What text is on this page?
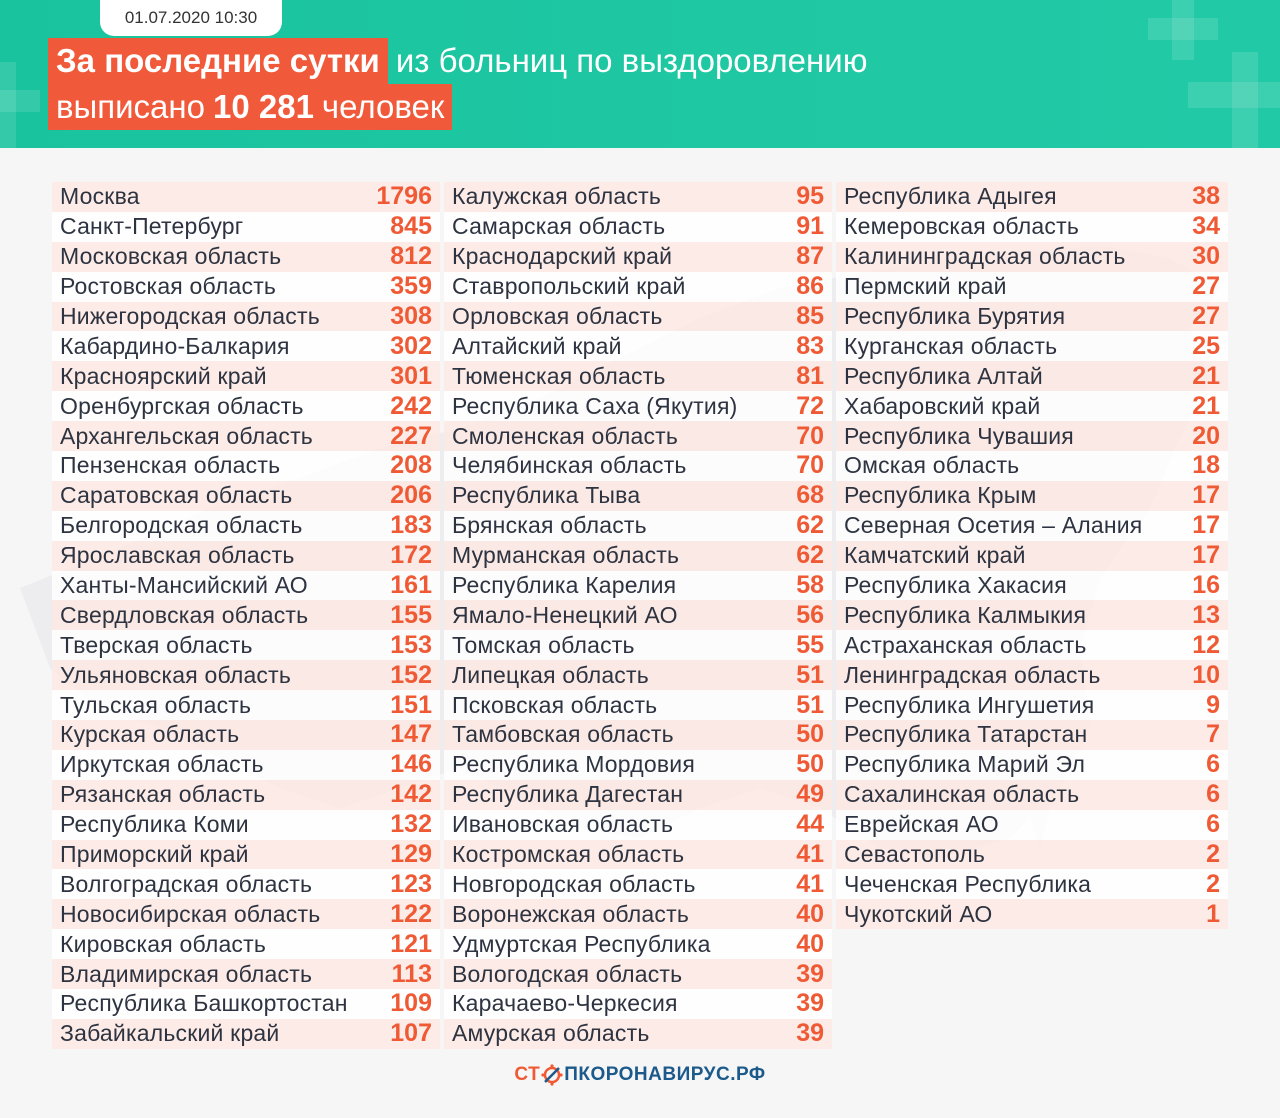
01.07.2020 10:30
За последние сутки из больниц по выздоровлению
выписано 10 281 человек
Москва	1796
Санкт-Петербург	845
Московская область	812
Ростовская область	359
Нижегородская область	308
Кабардино-Балкария	302
Красноярский край	301
Оренбургская область	242
Архангельская область	227
Пензенская область	208
Саратовская область	206
Белгородская область	183
Ярославская область	172
Ханты-Мансийский АО	161
Свердловская область	155
Тверская область	153
Ульяновская область	152
Тульская область	151
Курская область	147
Иркутская область	146
Рязанская область	142
Республика Коми	132
Приморский край	129
Волгоградская область	123
Новосибирская область	122
Кировская область	121
Владимирская область	113
Республика Башкортостан 109
Забайкальский край	107
Калужская область	95
Самарская область	91
Краснодарский край	87
Ставропольский край	86
Орловская область	85
Алтайский край	83
Тюменская область	81
Республика Саха (Якутия) 72
Смоленская область	70
Челябинская область	70
Республика Тыва	68
Брянская область	62
Мурманская область	62
Республика Карелия	58
Ямало-Ненецкий АО	56
Томская область	55
Липецкая область	51
Псковская область	51
Тамбовская область	50
Республика Мордовия	50
Республика Дагестан	49
Ивановская область	44
Костромская область	41
Новгородская область	41
Воронежская область	40
Удмуртская Республика	40
Вологодская область	39
Карачаево-Черкесия	39
Амурская область	39
Республика Адыгея	38
Кемеровская область	34
Калининградская область	30
Пермский край	27
Республика Бурятия	27
Курганская область	25
Республика Алтай	21
Хабаровский край	21
Республика Чувашия	20
Омская область	18
Республика Крым	17
Северная Осетия – Алания 17
Камчатский край	17
Республика Хакасия	16
Республика Калмыкия	13
Астраханская область	12
Ленинградская область	10
Республика Ингушетия	9
Республика Татарстан	7
Республика Марий Эл	6
Сахалинская область	6
Еврейская АО	6
Севастополь	2
Чеченская Республика	2
Чукотский АО	1
СТ ПКОРОНАВИРУС.РФ
